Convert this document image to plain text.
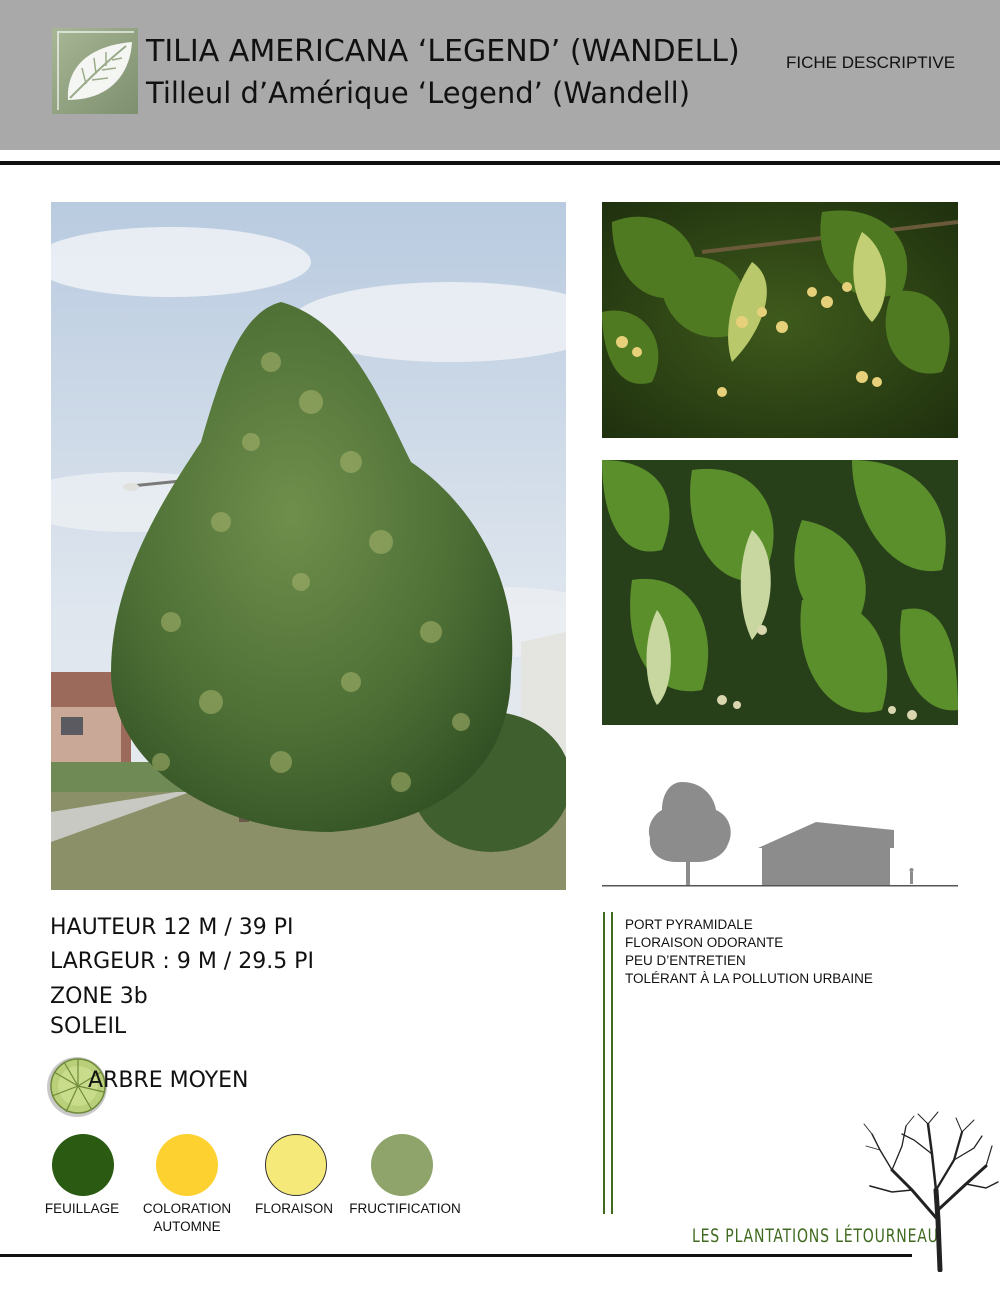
TILIA AMERICANA ‘LEGEND’ (WANDELL)
Tilleul d’Amérique ‘Legend’ (Wandell)
FICHE DESCRIPTIVE
HAUTEUR 12 M / 39 PI
LARGEUR : 9 M / 29.5 PI
ZONE 3b
SOLEIL
PORT PYRAMIDALE
FLORAISON ODORANTE
PEU D’ENTRETIEN
TOLÉRANT À LA POLLUTION URBAINE
ARBRE MOYEN
FEUILLAGE	COLORATION AUTOMNE
FLORAISON	FRUCTIFICATION
LES PLANTATIONS LÉTOURNEAU
